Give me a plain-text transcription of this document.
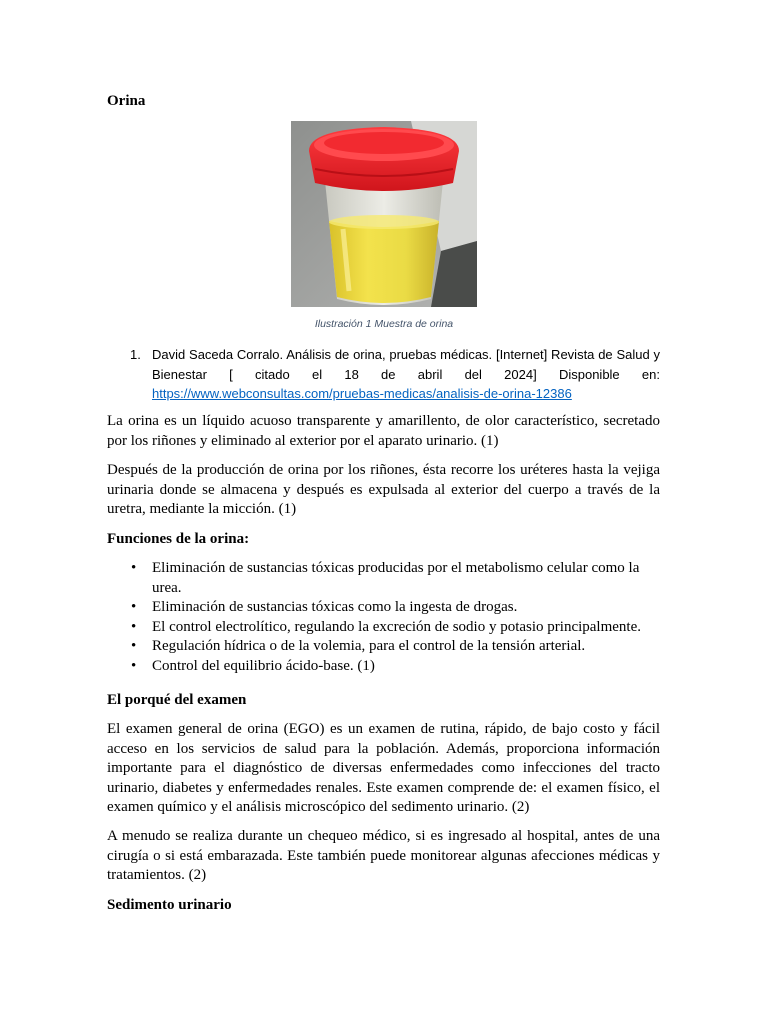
Orina
Ilustración 1 Muestra de orina
1. David Saceda Corralo. Análisis de orina, pruebas médicas. [Internet] Revista de Salud y Bienestar [ citado el 18 de abril del 2024] Disponible en: https://www.webconsultas.com/pruebas-medicas/analisis-de-orina-12386
La orina es un líquido acuoso transparente y amarillento, de olor característico, secretado por los riñones y eliminado al exterior por el aparato urinario. (1)
Después de la producción de orina por los riñones, ésta recorre los uréteres hasta la vejiga urinaria donde se almacena y después es expulsada al exterior del cuerpo a través de la uretra, mediante la micción. (1)
Funciones de la orina:
• Eliminación de sustancias tóxicas producidas por el metabolismo celular como la urea.
• Eliminación de sustancias tóxicas como la ingesta de drogas.
• El control electrolítico, regulando la excreción de sodio y potasio principalmente.
• Regulación hídrica o de la volemia, para el control de la tensión arterial.
• Control del equilibrio ácido-base. (1)
El porqué del examen
El examen general de orina (EGO) es un examen de rutina, rápido, de bajo costo y fácil acceso en los servicios de salud para la población. Además, proporciona información importante para el diagnóstico de diversas enfermedades como infecciones del tracto urinario, diabetes y enfermedades renales. Este examen comprende de: el examen físico, el examen químico y el análisis microscópico del sedimento urinario. (2)
A menudo se realiza durante un chequeo médico, si es ingresado al hospital, antes de una cirugía o si está embarazada. Este también puede monitorear algunas afecciones médicas y tratamientos. (2)
Sedimento urinario
